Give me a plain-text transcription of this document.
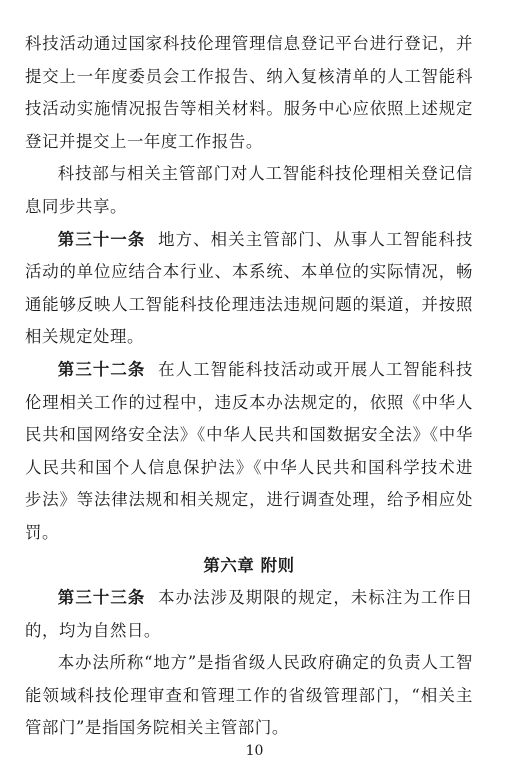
科技活动通过国家科技伦理管理信息登记平台进行登记，并提交上一年度委员会工作报告、纳入复核清单的人工智能科技活动实施情况报告等相关材料。服务中心应依照上述规定登记并提交上一年度工作报告。

科技部与相关主管部门对人工智能科技伦理相关登记信息同步共享。

第三十一条 地方、相关主管部门、从事人工智能科技活动的单位应结合本行业、本系统、本单位的实际情况，畅通能够反映人工智能科技伦理违法违规问题的渠道，并按照相关规定处理。

第三十二条 在人工智能科技活动或开展人工智能科技伦理相关工作的过程中，违反本办法规定的，依照《中华人民共和国网络安全法》《中华人民共和国数据安全法》《中华人民共和国个人信息保护法》《中华人民共和国科学技术进步法》等法律法规和相关规定，进行调查处理，给予相应处罚。

第六章 附则

第三十三条 本办法涉及期限的规定，未标注为工作日的，均为自然日。

本办法所称“地方”是指省级人民政府确定的负责人工智能领域科技伦理审查和管理工作的省级管理部门，“相关主管部门”是指国务院相关主管部门。

10
